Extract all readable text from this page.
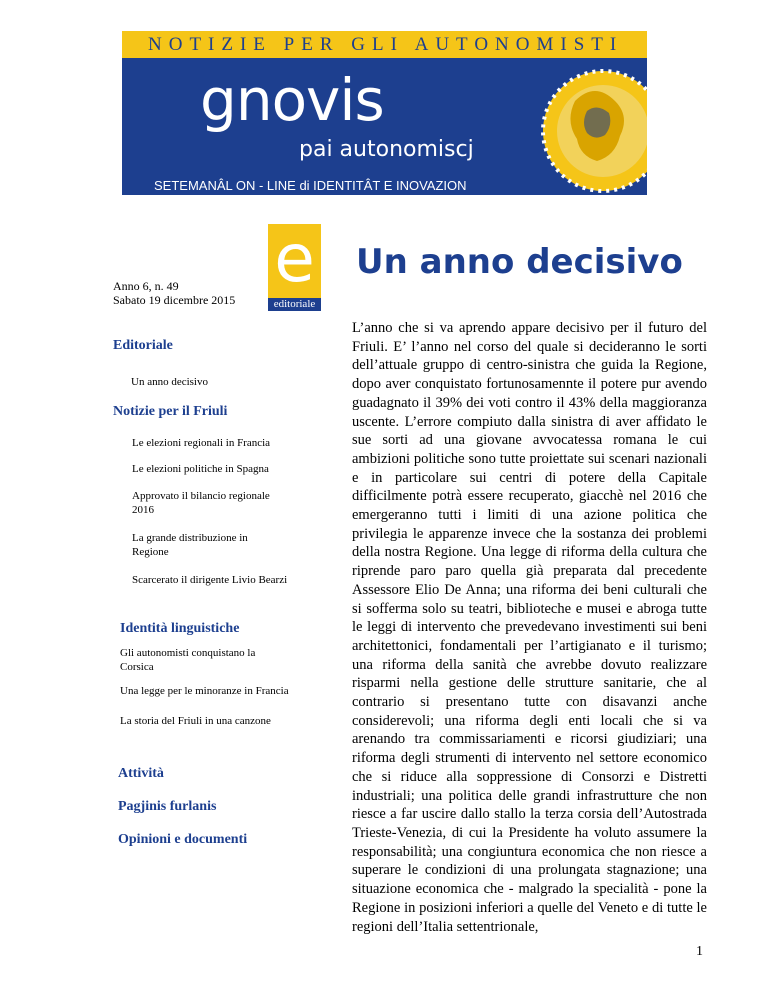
NOTIZIE PER GLI AUTONOMISTI
gnovis
pai autonomiscj
SETEMANÂL ON - LINE di IDENTITÂT E INOVAZION
e
editoriale
Anno 6, n. 49
Sabato 19 dicembre 2015
Un anno decisivo
Editoriale
Un anno decisivo
Notizie per il Friuli
Le elezioni regionali in Francia
Le elezioni politiche in Spagna
Approvato il bilancio regionale 2016
La grande distribuzione in Regione
Scarcerato il dirigente Livio Bearzi
Identità linguistiche
Gli autonomisti conquistano la Corsica
Una legge per le minoranze in Francia
La storia del Friuli in una canzone
Attività
Pagjinis furlanis
Opinioni e documenti
L’anno che si va aprendo appare decisivo per il futuro del Friuli. E’ l’anno nel corso del quale si decideranno le sorti dell’attuale gruppo di centro-sinistra che guida la Regione, dopo aver conquistato fortunosamennte il potere pur avendo guadagnato il 39% dei voti contro il 43% della maggioranza uscente. L’errore compiuto dalla sinistra di aver affidato le sue sorti ad una giovane avvocatessa romana le cui ambizioni politiche sono tutte proiettate sui scenari nazionali e in particolare sui centri di potere della Capitale difficilmente potrà essere recuperato, giacchè nel 2016 che emergeranno tutti i limiti di una azione politica che privilegia le apparenze invece che la sostanza dei problemi della nostra Regione. Una legge di riforma della cultura che riprende paro paro quella già preparata dal precedente Assessore Elio De Anna; una riforma dei beni culturali che si sofferma solo su teatri, biblioteche e musei e abroga tutte le leggi di intervento che prevedevano investimenti sui beni architettonici, fondamentali per l’artigianato e il turismo; una riforma della sanità che avrebbe dovuto realizzare risparmi nella gestione delle strutture sanitarie, che al contrario si presentano tutte con disavanzi anche considerevoli; una riforma degli enti locali che si va arenando tra commissariamenti e ricorsi giudiziari; una riforma degli strumenti di intervento nel settore economico che si riduce alla soppressione di Consorzi e Distretti industriali; una politica delle grandi infrastrutture che non riesce a far uscire dallo stallo la terza corsia dell’Autostrada Trieste-Venezia, di cui la Presidente ha voluto assumere la responsabilità; una congiuntura economica che non riesce a superare le condizioni di una prolungata stagnazione; una situazione economica che - malgrado la specialità - pone la Regione in posizioni inferiori a quelle del Veneto e di tutte le regioni dell’Italia settentrionale,
1
